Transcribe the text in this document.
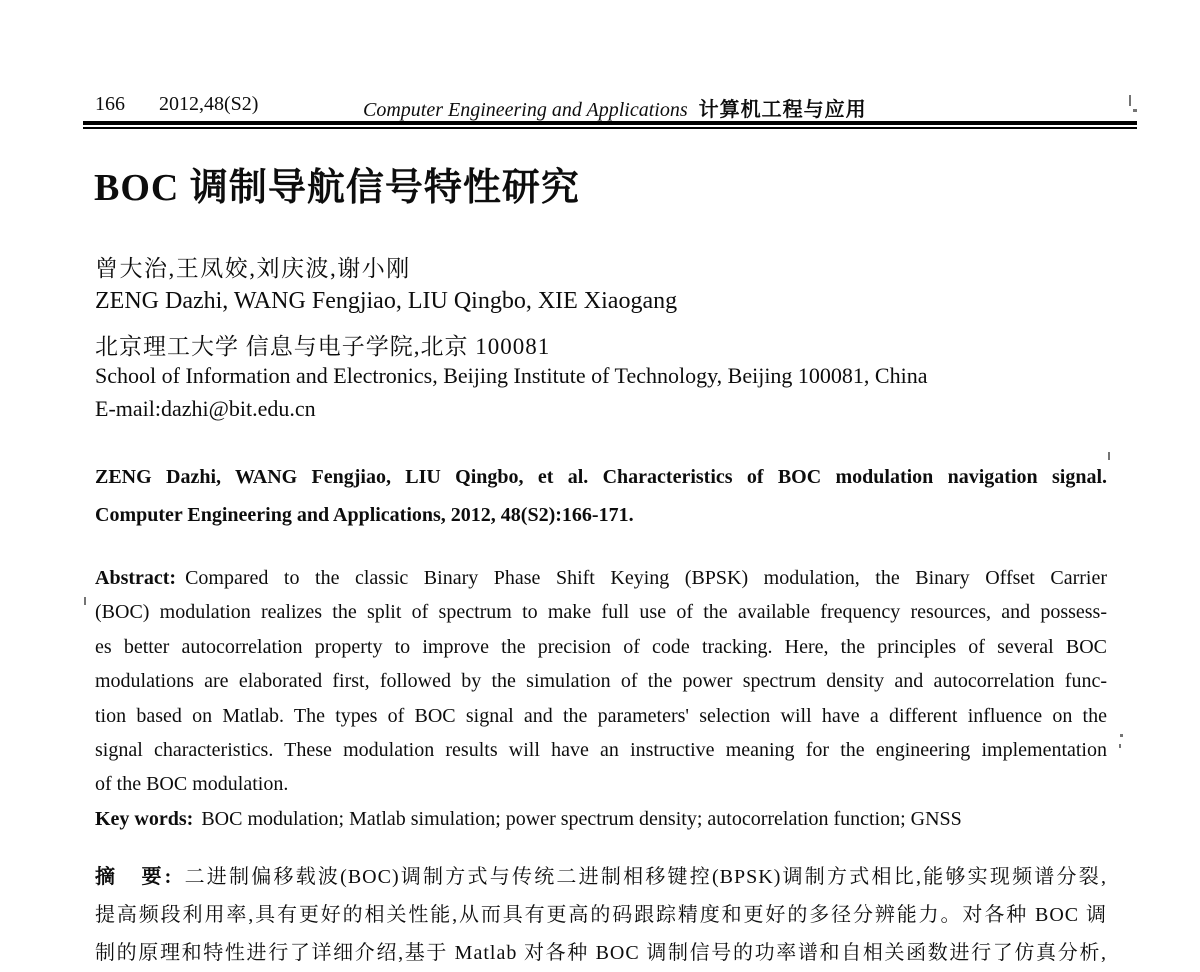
166 2012,48(S2)	Computer Engineering and Applications 计算机工程与应用
BOC 调制导航信号特性研究
曾大治,王凤姣,刘庆波,谢小刚
ZENG Dazhi, WANG Fengjiao, LIU Qingbo, XIE Xiaogang
北京理工大学 信息与电子学院,北京 100081
School of Information and Electronics, Beijing Institute of Technology, Beijing 100081, China
E-mail:dazhi@bit.edu.cn
ZENG Dazhi, WANG Fengjiao, LIU Qingbo, et al. Characteristics of BOC modulation navigation signal.
Computer Engineering and Applications, 2012, 48(S2):166-171.
Abstract: Compared to the classic Binary Phase Shift Keying (BPSK) modulation, the Binary Offset Carrier
(BOC) modulation realizes the split of spectrum to make full use of the available frequency resources, and possess-
es better autocorrelation property to improve the precision of code tracking. Here, the principles of several BOC
modulations are elaborated first, followed by the simulation of the power spectrum density and autocorrelation func-
tion based on Matlab. The types of BOC signal and the parameters' selection will have a different influence on the
signal characteristics. These modulation results will have an instructive meaning for the engineering implementation
of the BOC modulation.
Key words: BOC modulation; Matlab simulation; power spectrum density; autocorrelation function; GNSS
摘　要: 二进制偏移载波(BOC)调制方式与传统二进制相移键控(BPSK)调制方式相比,能够实现频谱分裂,
提高频段利用率,具有更好的相关性能,从而具有更高的码跟踪精度和更好的多径分辨能力。对各种 BOC 调
制的原理和特性进行了详细介绍,基于 Matlab 对各种 BOC 调制信号的功率谱和自相关函数进行了仿真分析,
